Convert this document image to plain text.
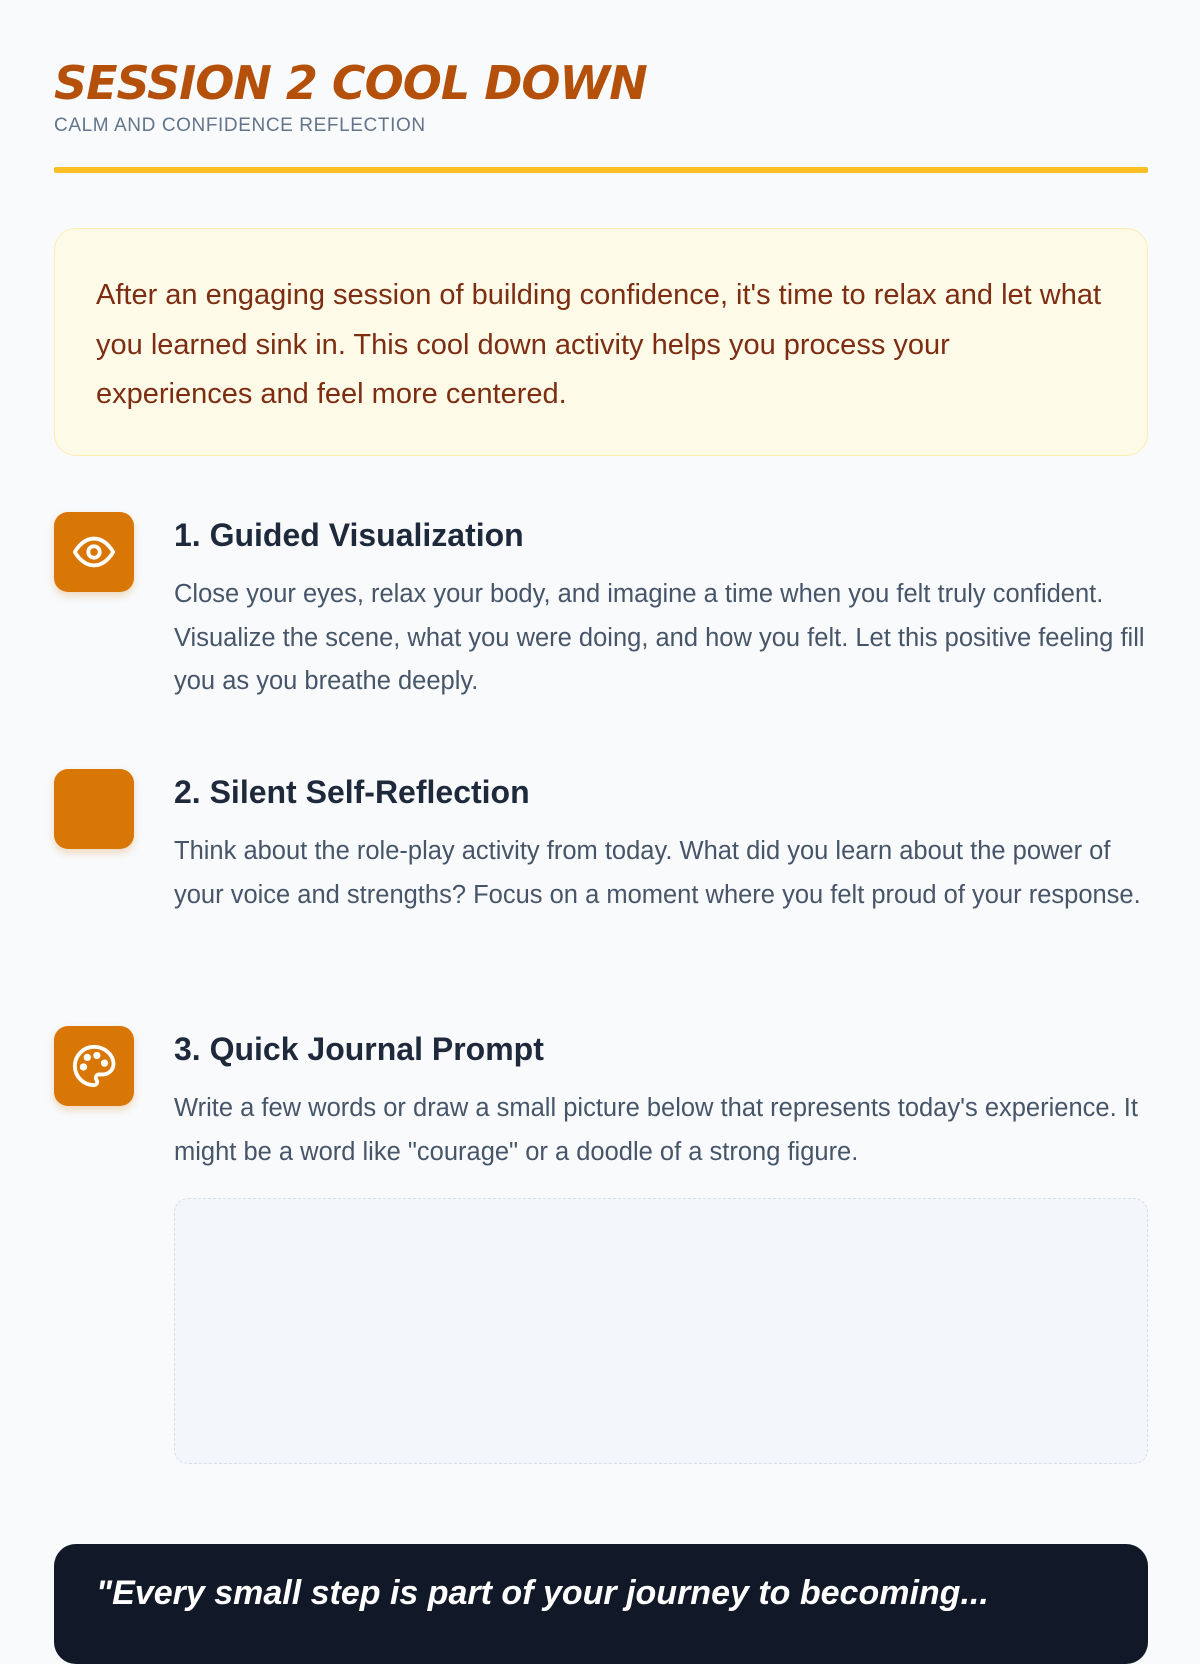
SESSION 2 COOL DOWN
CALM AND CONFIDENCE REFLECTION
After an engaging session of building confidence, it's time to relax and let what you learned sink in. This cool down activity helps you process your experiences and feel more centered.
1. Guided Visualization
Close your eyes, relax your body, and imagine a time when you felt truly confident. Visualize the scene, what you were doing, and how you felt. Let this positive feeling fill you as you breathe deeply.
2. Silent Self-Reflection
Think about the role-play activity from today. What did you learn about the power of your voice and strengths? Focus on a moment where you felt proud of your response.
3. Quick Journal Prompt
Write a few words or draw a small picture below that represents today's experience. It might be a word like "courage" or a doodle of a strong figure.
"Every small step is part of your journey to becoming...
